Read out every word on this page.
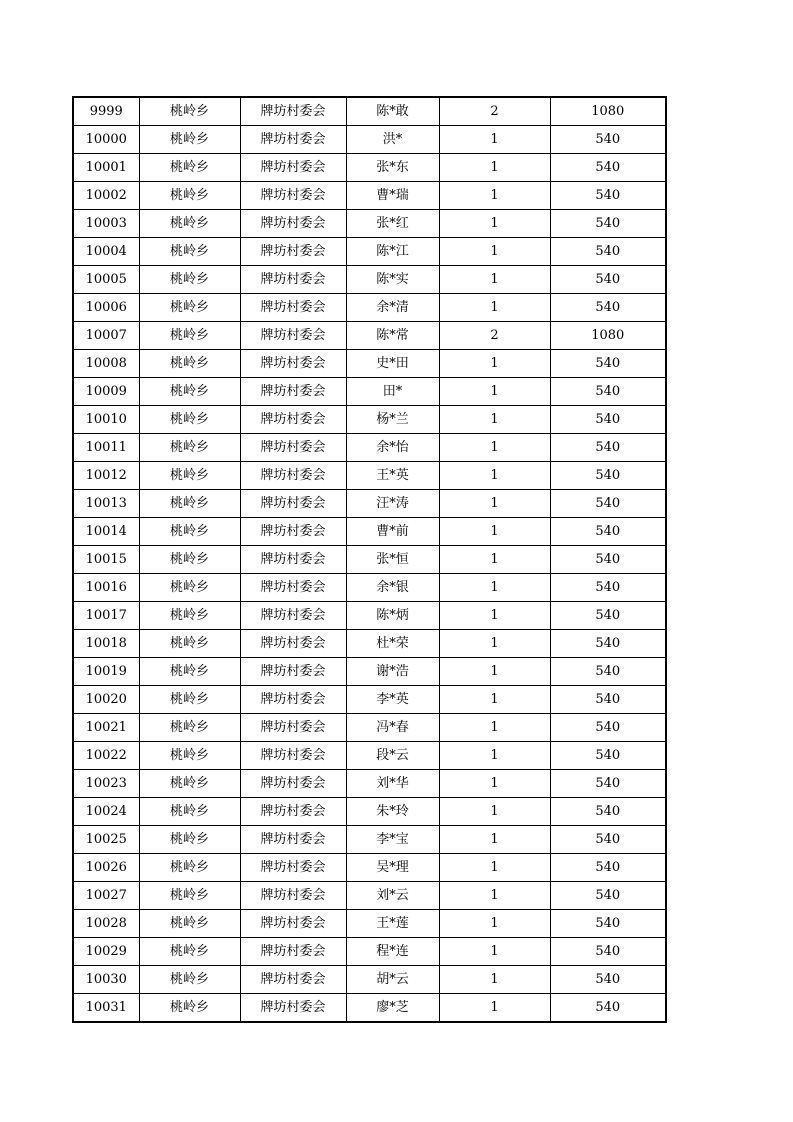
9999	桃岭乡	牌坊村委会	陈*敢	2	1080
10000	桃岭乡	牌坊村委会	洪*	1	540
10001	桃岭乡	牌坊村委会	张*东	1	540
10002	桃岭乡	牌坊村委会	曹*瑞	1	540
10003	桃岭乡	牌坊村委会	张*红	1	540
10004	桃岭乡	牌坊村委会	陈*江	1	540
10005	桃岭乡	牌坊村委会	陈*实	1	540
10006	桃岭乡	牌坊村委会	余*清	1	540
10007	桃岭乡	牌坊村委会	陈*常	2	1080
10008	桃岭乡	牌坊村委会	史*田	1	540
10009	桃岭乡	牌坊村委会	田*	1	540
10010	桃岭乡	牌坊村委会	杨*兰	1	540
10011	桃岭乡	牌坊村委会	余*怡	1	540
10012	桃岭乡	牌坊村委会	王*英	1	540
10013	桃岭乡	牌坊村委会	汪*涛	1	540
10014	桃岭乡	牌坊村委会	曹*前	1	540
10015	桃岭乡	牌坊村委会	张*恒	1	540
10016	桃岭乡	牌坊村委会	余*银	1	540
10017	桃岭乡	牌坊村委会	陈*炳	1	540
10018	桃岭乡	牌坊村委会	杜*荣	1	540
10019	桃岭乡	牌坊村委会	谢*浩	1	540
10020	桃岭乡	牌坊村委会	李*英	1	540
10021	桃岭乡	牌坊村委会	冯*春	1	540
10022	桃岭乡	牌坊村委会	段*云	1	540
10023	桃岭乡	牌坊村委会	刘*华	1	540
10024	桃岭乡	牌坊村委会	朱*玲	1	540
10025	桃岭乡	牌坊村委会	李*宝	1	540
10026	桃岭乡	牌坊村委会	吴*理	1	540
10027	桃岭乡	牌坊村委会	刘*云	1	540
10028	桃岭乡	牌坊村委会	王*莲	1	540
10029	桃岭乡	牌坊村委会	程*连	1	540
10030	桃岭乡	牌坊村委会	胡*云	1	540
10031	桃岭乡	牌坊村委会	廖*芝	1	540
